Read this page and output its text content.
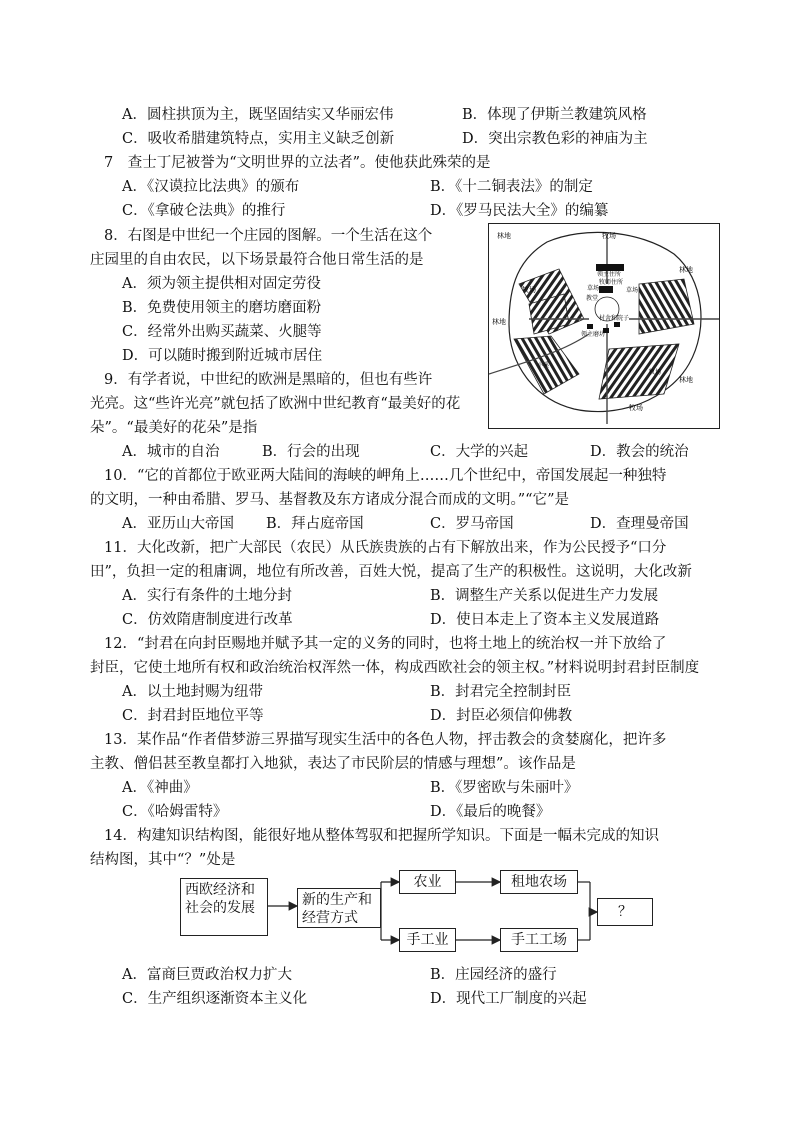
A．圆柱拱顶为主，既坚固结实又华丽宏伟	B．体现了伊斯兰教建筑风格
C．吸收希腊建筑特点，实用主义缺乏创新	D．突出宗教色彩的神庙为主
7　查士丁尼被誉为“文明世界的立法者”。使他获此殊荣的是
A．《汉谟拉比法典》的颁布	B．《十二铜表法》的制定
C．《拿破仑法典》的推行	D．《罗马民法大全》的编纂
8．右图是中世纪一个庄园的图解。一个生活在这个
庄园里的自由农民，以下场景最符合他日常生活的是
A．须为领主提供相对固定劳役
B．免费使用领主的磨坊磨面粉
C．经常外出购买蔬菜、火腿等
D．可以随时搬到附近城市居住
林地	牧场
林地
牧场
领主住所
牧师住所
教堂
草场
草场
村舍和院子
领主磨坊
林地
小溪
林地
牧场
牧场
9．有学者说，中世纪的欧洲是黑暗的，但也有些许
光亮。这“些许光亮”就包括了欧洲中世纪教育“最美好的花
朵”。“最美好的花朵”是指
A．城市的自治	B．行会的出现	C．大学的兴起	D．教会的统治
10．“它的首都位于欧亚两大陆间的海峡的岬角上……几个世纪中，帝国发展起一种独特
的文明，一种由希腊、罗马、基督教及东方诸成分混合而成的文明。”“它”是
A．亚历山大帝国 B．拜占庭帝国	C．罗马帝国	D．查理曼帝国
11．大化改新，把广大部民（农民）从氏族贵族的占有下解放出来，作为公民授予“口分
田”，负担一定的租庸调，地位有所改善，百姓大悦，提高了生产的积极性。这说明，大化改新
A．实行有条件的土地分封	B．调整生产关系以促进生产力发展
C．仿效隋唐制度进行改革	D．使日本走上了资本主义发展道路
12．“封君在向封臣赐地并赋予其一定的义务的同时，也将土地上的统治权一并下放给了
封臣，它使土地所有权和政治统治权浑然一体，构成西欧社会的领主权。”材料说明封君封臣制度
A．以土地封赐为纽带	B．封君完全控制封臣
C．封君封臣地位平等	D．封臣必须信仰佛教
13．某作品“作者借梦游三界描写现实生活中的各色人物，抨击教会的贪婪腐化，把许多
主教、僧侣甚至教皇都打入地狱，表达了市民阶层的情感与理想”。该作品是
A．《神曲》	B．《罗密欧与朱丽叶》
C．《哈姆雷特》	D．《最后的晚餐》
14．构建知识结构图，能很好地从整体驾驭和把握所学知识。下面是一幅未完成的知识
结构图，其中“？”处是
西欧经济和社会的发展	新的生产和经营方式
农业
手工业
租地农场
手工工场
？
A．富商巨贾政治权力扩大	B．庄园经济的盛行
C．生产组织逐渐资本主义化	D．现代工厂制度的兴起
